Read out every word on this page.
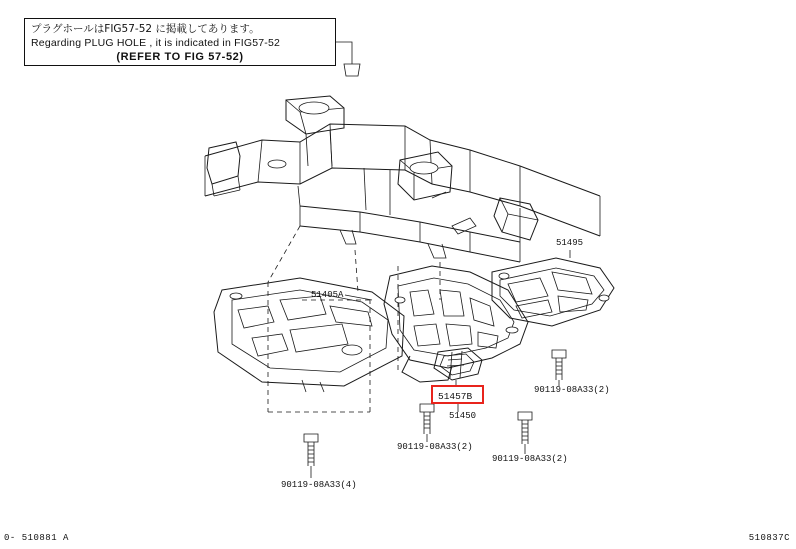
プラグホールはFIG57-52 に掲載してあります。
Regarding PLUG HOLE , it is indicated in FIG57-52
(REFER TO FIG 57-52)
51495
51405A
51450
90119-08A33(2)
90119-08A33(2)
90119-08A33(2)
90119-08A33(4)
51457B
0- 510881 A	510837C
